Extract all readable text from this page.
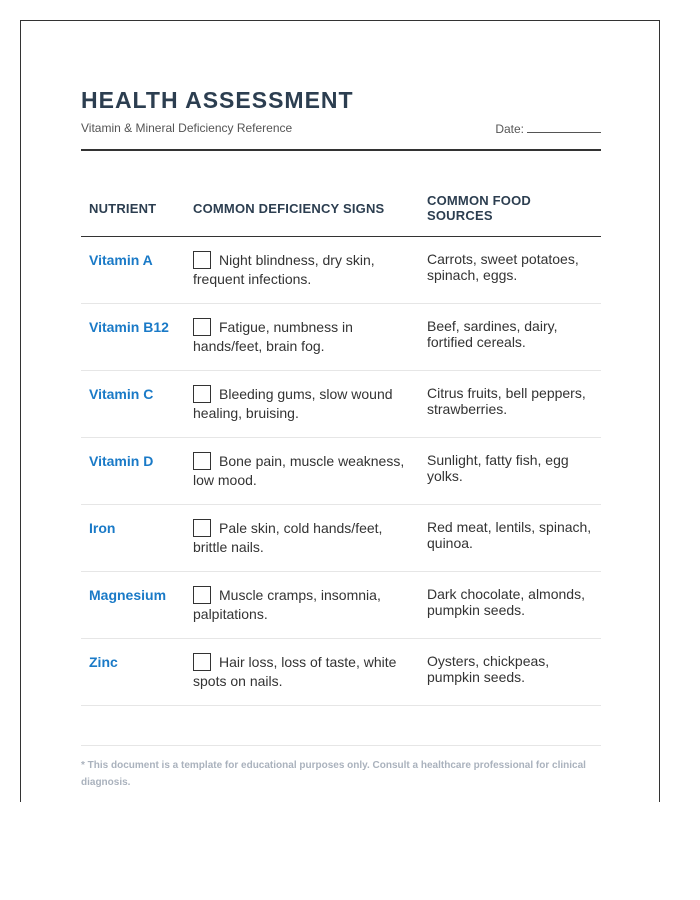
HEALTH ASSESSMENT
Vitamin & Mineral Deficiency Reference	Date:
NUTRIENT	COMMON DEFICIENCY SIGNS	COMMON FOOD SOURCES
Vitamin A	Night blindness, dry skin, frequent infections.	Carrots, sweet potatoes, spinach, eggs.
Vitamin B12	Fatigue, numbness in hands/feet, brain fog.	Beef, sardines, dairy, fortified cereals.
Vitamin C	Bleeding gums, slow wound healing, bruising.	Citrus fruits, bell peppers, strawberries.
Vitamin D	Bone pain, muscle weakness, low mood.	Sunlight, fatty fish, egg yolks.
Iron	Pale skin, cold hands/feet, brittle nails.	Red meat, lentils, spinach, quinoa.
Magnesium	Muscle cramps, insomnia, palpitations.	Dark chocolate, almonds, pumpkin seeds.
Zinc	Hair loss, loss of taste, white spots on nails.	Oysters, chickpeas, pumpkin seeds.
* This document is a template for educational purposes only. Consult a healthcare professional for clinical diagnosis.
